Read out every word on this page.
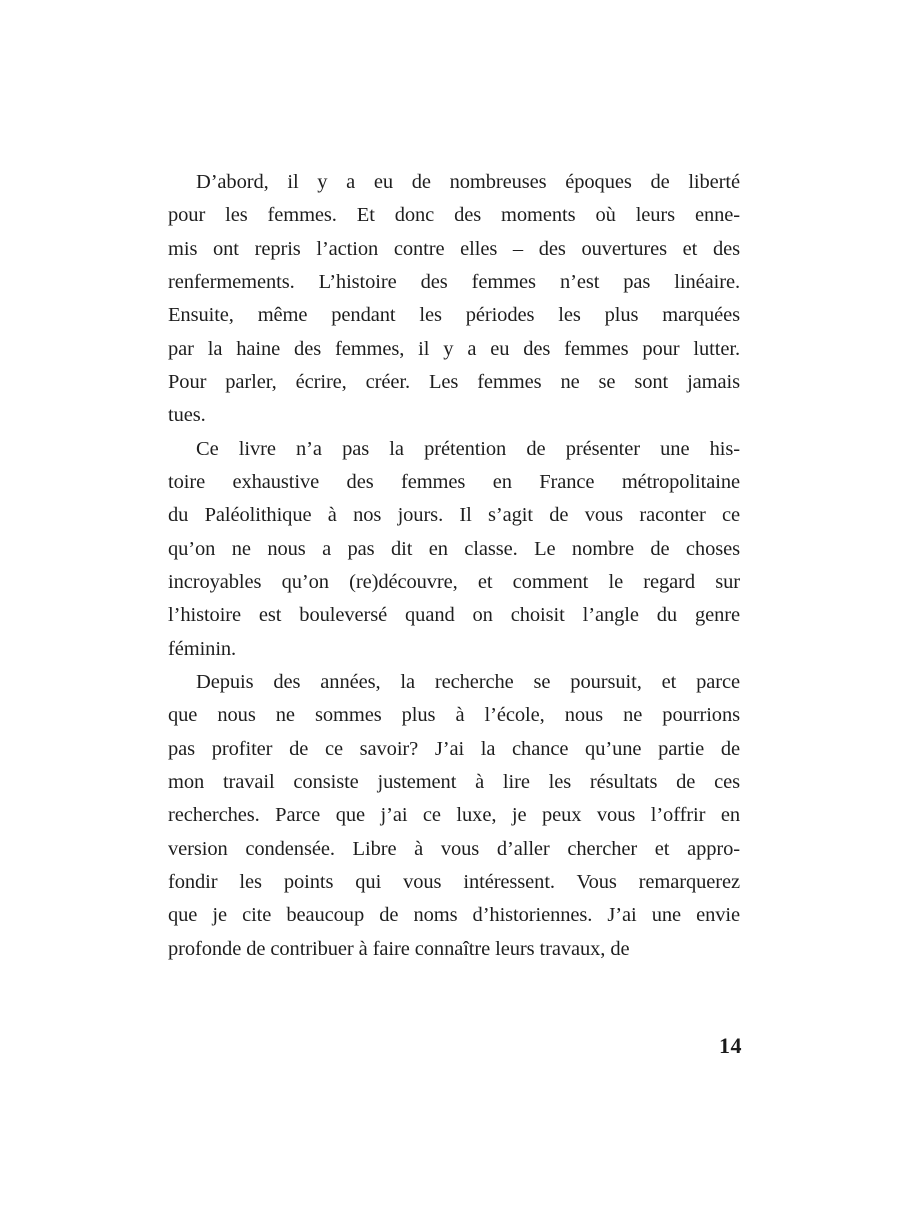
D’abord, il y a eu de nombreuses époques de liberté
pour les femmes. Et donc des moments où leurs enne-
mis ont repris l’action contre elles – des ouvertures et des
renfermements. L’histoire des femmes n’est pas linéaire.
Ensuite, même pendant les périodes les plus marquées
par la haine des femmes, il y a eu des femmes pour lutter.
Pour parler, écrire, créer. Les femmes ne se sont jamais
tues.
Ce livre n’a pas la prétention de présenter une his-
toire exhaustive des femmes en France métropolitaine
du Paléolithique à nos jours. Il s’agit de vous raconter ce
qu’on ne nous a pas dit en classe. Le nombre de choses
incroyables qu’on (re)découvre, et comment le regard sur
l’histoire est bouleversé quand on choisit l’angle du genre
féminin.
Depuis des années, la recherche se poursuit, et parce
que nous ne sommes plus à l’école, nous ne pourrions
pas profiter de ce savoir? J’ai la chance qu’une partie de
mon travail consiste justement à lire les résultats de ces
recherches. Parce que j’ai ce luxe, je peux vous l’offrir en
version condensée. Libre à vous d’aller chercher et appro-
fondir les points qui vous intéressent. Vous remarquerez
que je cite beaucoup de noms d’historiennes. J’ai une envie
profonde de contribuer à faire connaître leurs travaux, de
14
